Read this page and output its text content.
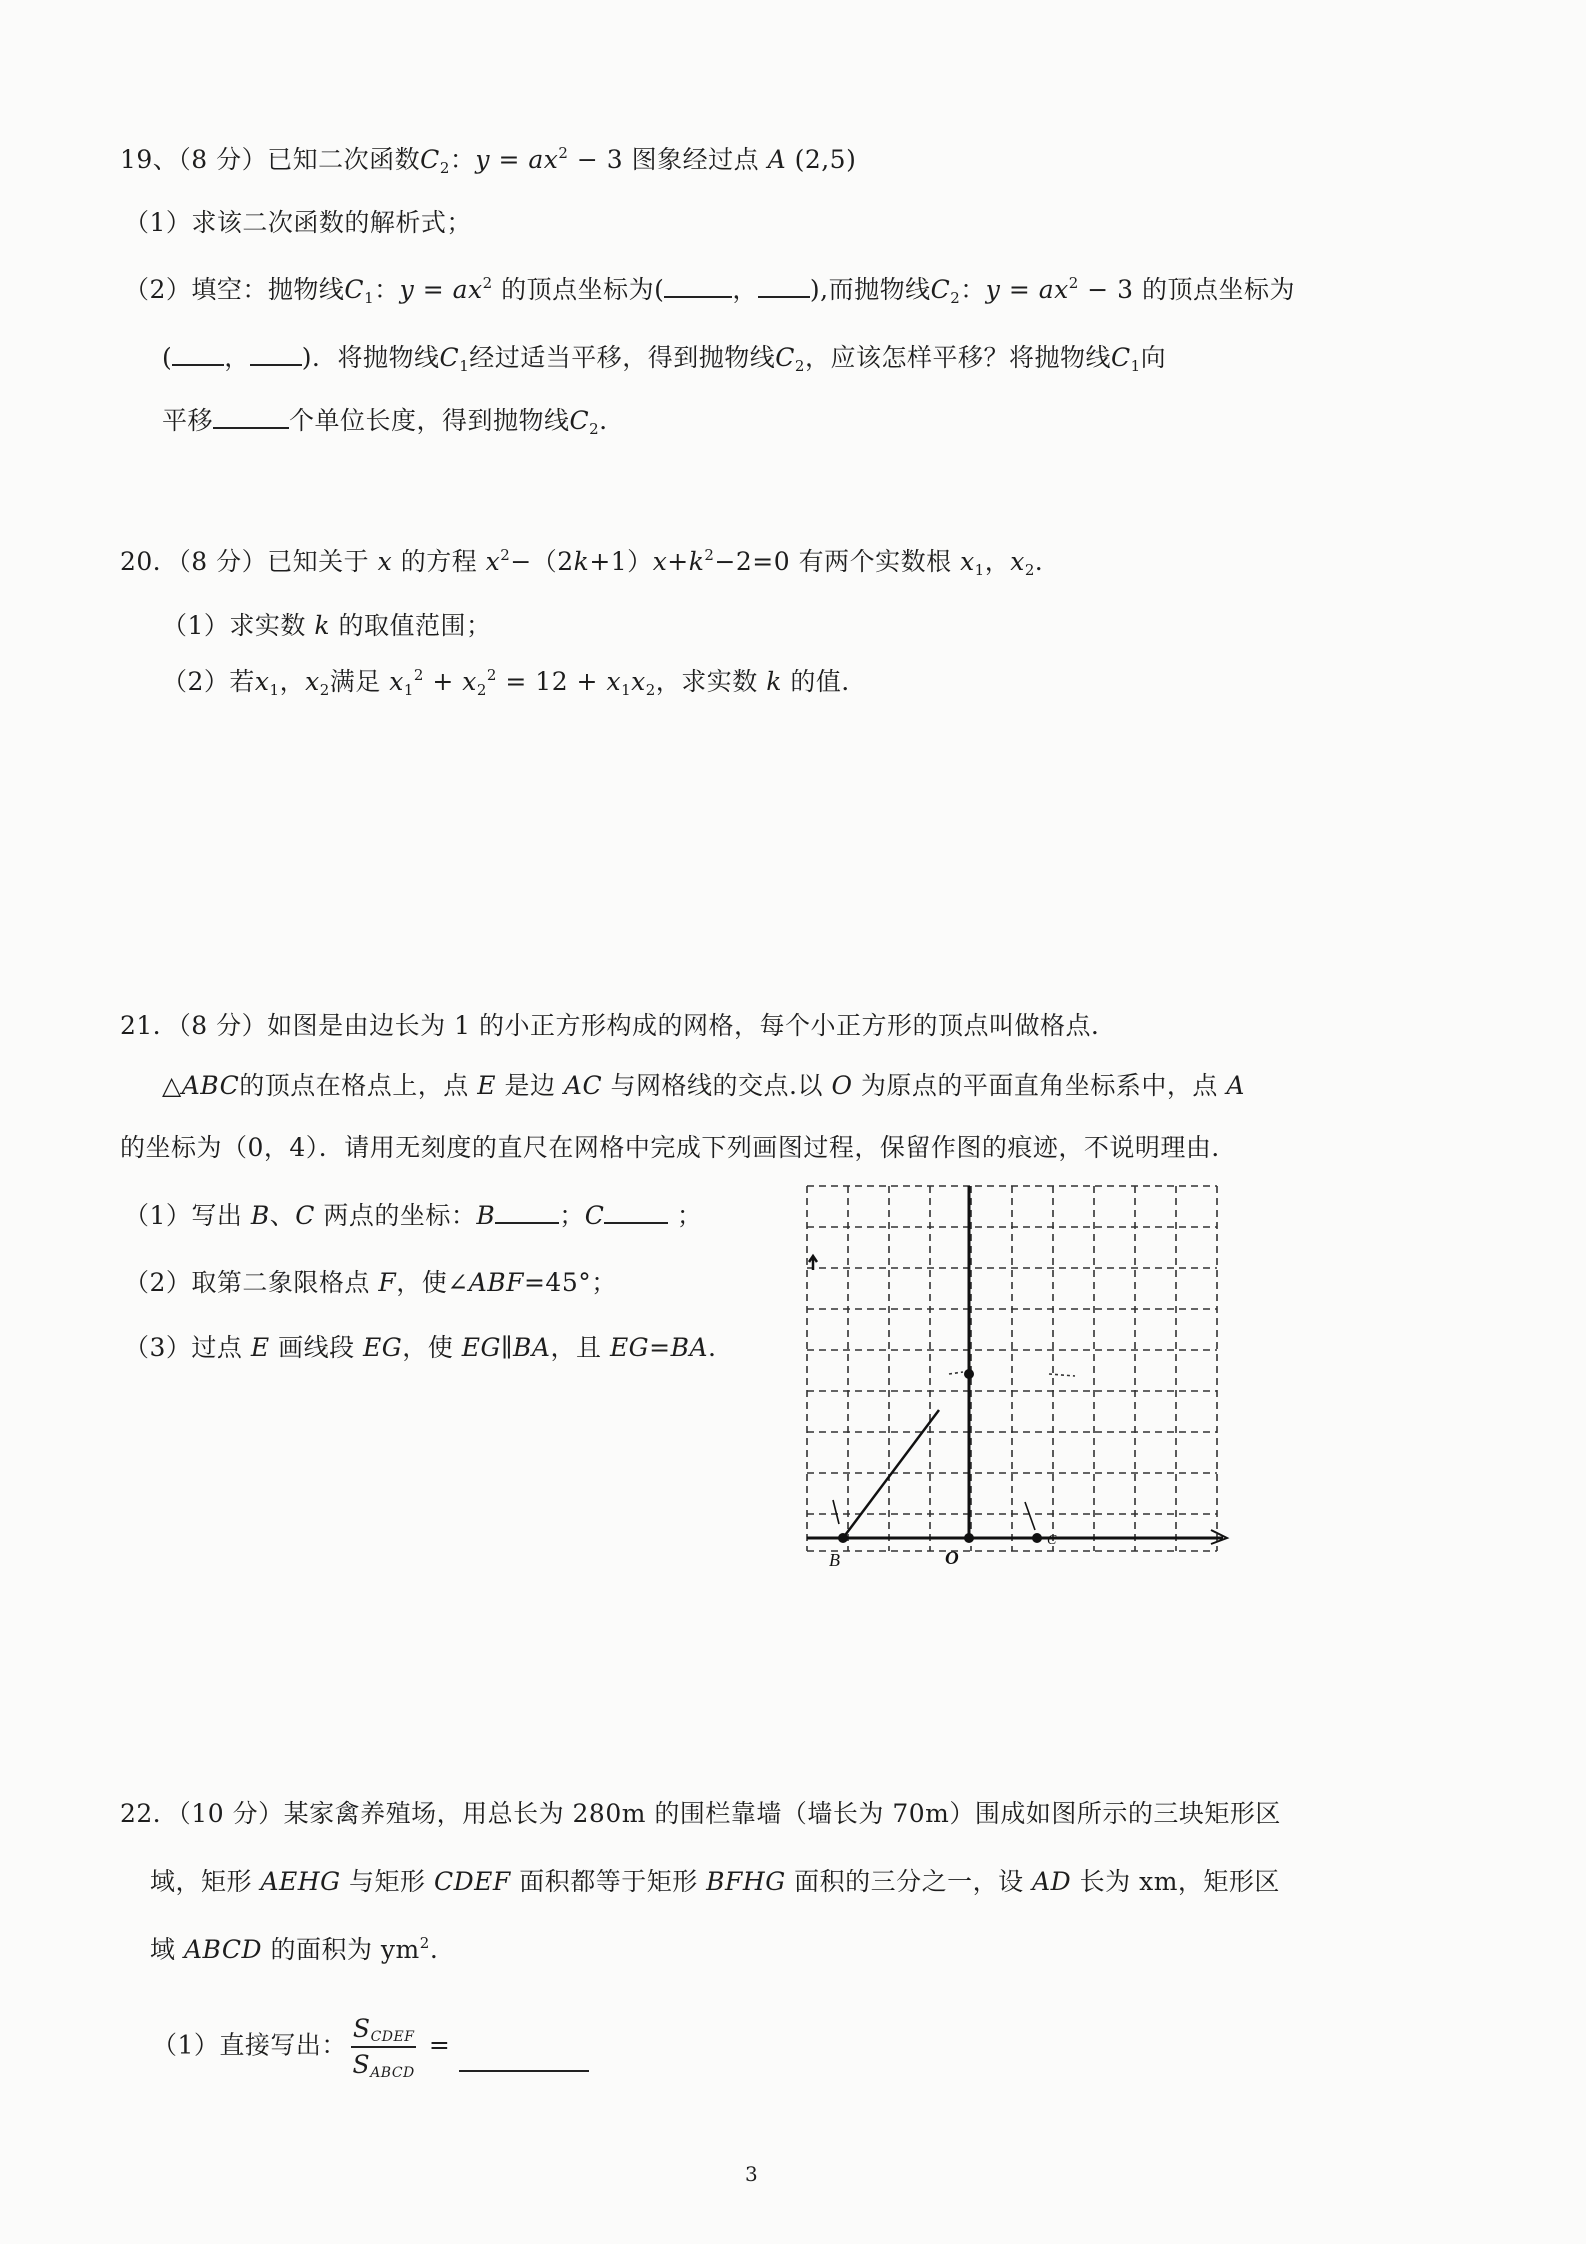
19、（8 分）已知二次函数$C_2$：$y = ax^2 - 3$ 图象经过点 A (2,5)
（1）求该二次函数的解析式；
（2）填空：抛物线$C_1$：$y = ax^2$ 的顶点坐标为(	， ),而抛物线$C_2$：$y = ax^2 - 3$ 的顶点坐标为
( ， )．将抛物线$C_1$经过适当平移，得到抛物线$C_2$，应该怎样平移？将抛物线$C_1$向
平移	个单位长度，得到抛物线$C_2$．
20．（8 分）已知关于 x 的方程 $x^2-(2k+1)x+k^2-2=0$ 有两个实数根 $x_1$，$x_2$．
（1）求实数 k 的取值范围；
（2）若$x_1$，$x_2$满足 $x_1^2 + x_2^2 = 12 + x_1x_2$，求实数 k 的值．
21．（8 分）如图是由边长为 1 的小正方形构成的网格，每个小正方形的顶点叫做格点．
△ABC的顶点在格点上，点 E 是边 AC 与网格线的交点.以 O 为原点的平面直角坐标系中，点 A
的坐标为（0，4）．请用无刻度的直尺在网格中完成下列画图过程，保留作图的痕迹，不说明理由．
（1）写出 B、C 两点的坐标：B	；C	；
（2）取第二象限格点 F，使∠ABF=45°；
（3）过点 E 画线段 EG，使 EG∥BA，且 EG=BA．
B	O
C
22．（10 分）某家禽养殖场，用总长为 280m 的围栏靠墙（墙长为 70m）围成如图所示的三块矩形区
域，矩形 AEHG 与矩形 CDEF 面积都等于矩形 BFHG 面积的三分之一，设 AD 长为 xm，矩形区
域 ABCD 的面积为 $ym^2$.
（1）直接写出： $\frac{S_{CDEF}}{S_{ABCD}}$ =
3
